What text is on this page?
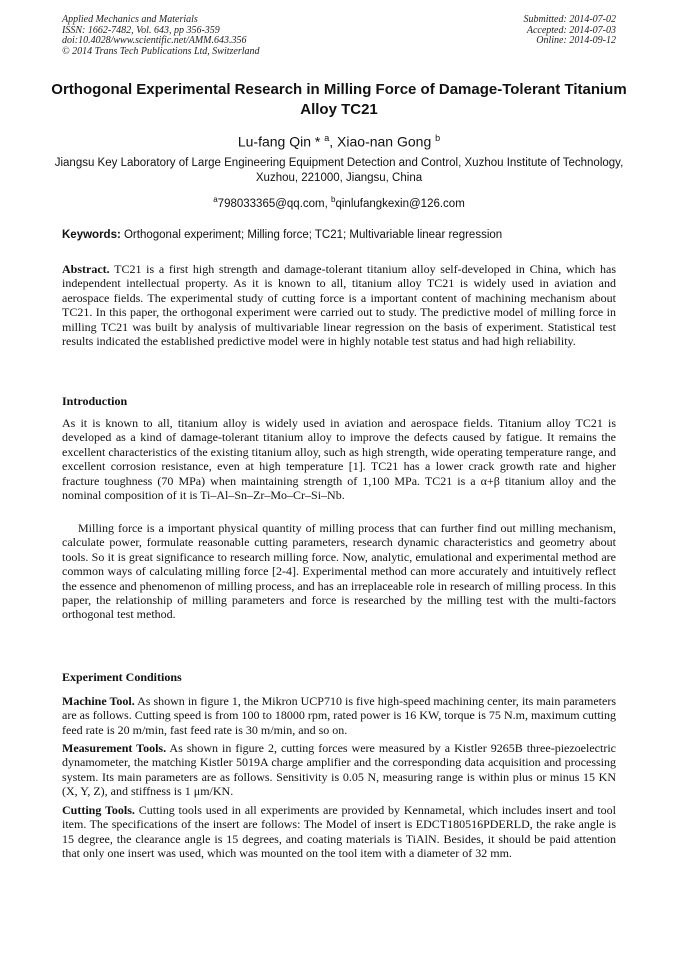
Applied Mechanics and Materials
ISSN: 1662-7482, Vol. 643, pp 356-359
doi:10.4028/www.scientific.net/AMM.643.356
© 2014 Trans Tech Publications Ltd, Switzerland
Submitted: 2014-07-02
Accepted: 2014-07-03
Online: 2014-09-12
Orthogonal Experimental Research in Milling Force of Damage-Tolerant Titanium Alloy TC21
Lu-fang Qin * $^a$, Xiao-nan Gong $^b$
Jiangsu Key Laboratory of Large Engineering Equipment Detection and Control, Xuzhou Institute of Technology, Xuzhou, 221000, Jiangsu, China
$^a$798033365@qq.com, $^b$qinlufangkexin@126.com
Keywords: Orthogonal experiment; Milling force; TC21; Multivariable linear regression
Abstract. TC21 is a first high strength and damage-tolerant titanium alloy self-developed in China, which has independent intellectual property. As it is known to all, titanium alloy TC21 is widely used in aviation and aerospace fields. The experimental study of cutting force is a important content of machining mechanism about TC21. In this paper, the orthogonal experiment were carried out to study. The predictive model of milling force in milling TC21 was built by analysis of multivariable linear regression on the basis of experiment. Statistical test results indicated the established predictive model were in highly notable test status and had high reliability.
Introduction
As it is known to all, titanium alloy is widely used in aviation and aerospace fields. Titanium alloy TC21 is developed as a kind of damage-tolerant titanium alloy to improve the defects caused by fatigue. It remains the excellent characteristics of the existing titanium alloy, such as high strength, wide operating temperature range, and excellent corrosion resistance, even at high temperature [1]. TC21 has a lower crack growth rate and higher fracture toughness (70 MPa) when maintaining strength of 1,100 MPa. TC21 is a α+β titanium alloy and the nominal composition of it is Ti–Al–Sn–Zr–Mo–Cr–Si–Nb.
Milling force is a important physical quantity of milling process that can further find out milling mechanism, calculate power, formulate reasonable cutting parameters, research dynamic characteristics and geometry about tools. So it is great significance to research milling force. Now, analytic, emulational and experimental method are common ways of calculating milling force [2-4]. Experimental method can more accurately and intuitively reflect the essence and phenomenon of milling process, and has an irreplaceable role in research of milling process. In this paper, the relationship of milling parameters and force is researched by the milling test with the multi-factors orthogonal test method.
Experiment Conditions
Machine Tool. As shown in figure 1, the Mikron UCP710 is five high-speed machining center, its main parameters are as follows. Cutting speed is from 100 to 18000 rpm, rated power is 16 KW, torque is 75 N.m, maximum cutting feed rate is 20 m/min, fast feed rate is 30 m/min, and so on.
Measurement Tools. As shown in figure 2, cutting forces were measured by a Kistler 9265B three-piezoelectric dynamometer, the matching Kistler 5019A charge amplifier and the corresponding data acquisition and processing system. Its main parameters are as follows. Sensitivity is 0.05 N, measuring range is within plus or minus 15 KN (X, Y, Z), and stiffness is 1 μm/KN.
Cutting Tools. Cutting tools used in all experiments are provided by Kennametal, which includes insert and tool item. The specifications of the insert are follows: The Model of insert is EDCT180516PDERLD, the rake angle is 15 degree, the clearance angle is 15 degrees, and coating materials is TiAlN. Besides, it should be paid attention that only one insert was used, which was mounted on the tool item with a diameter of 32 mm.
